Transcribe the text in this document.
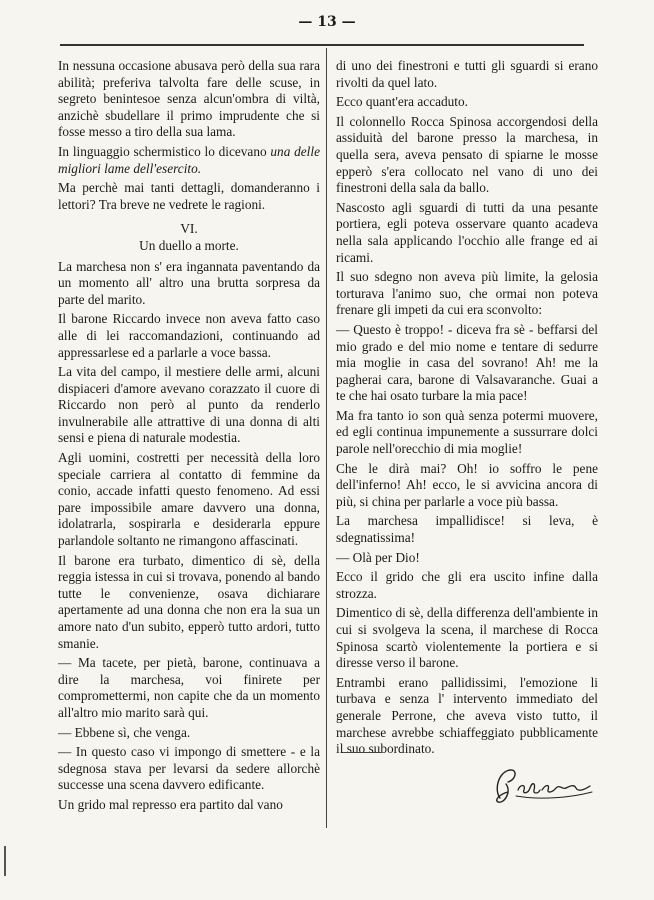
— 13 —

In nessuna occasione abusava però della sua rara abilità; preferiva talvolta fare delle scuse, in segreto benintesoe senza alcun'ombra di viltà, anzichè sbudellare il primo imprudente che si fosse messo a tiro della sua lama.

In linguaggio schermistico lo dicevano una delle migliori lame dell'esercito.

Ma perchè mai tanti dettagli, domanderanno i lettori? Tra breve ne vedrete le ragioni.

VI.
Un duello a morte.

La marchesa non s' era ingannata paventando da un momento all' altro una brutta sorpresa da parte del marito.

Il barone Riccardo invece non aveva fatto caso alle di lei raccomandazioni, continuando ad appressarlese ed a parlarle a voce bassa.

La vita del campo, il mestiere delle armi, alcuni dispiaceri d'amore avevano corazzato il cuore di Riccardo non però al punto da renderlo invulnerabile alle attrattive di una donna di alti sensi e piena di naturale modestia.

Agli uomini, costretti per necessità della loro speciale carriera al contatto di femmine da conio, accade infatti questo fenomeno. Ad essi pare impossibile amare davvero una donna, idolatrarla, sospirarla e desiderarla eppure parlandole soltanto ne rimangono affascinati.

Il barone era turbato, dimentico di sè, della reggia istessa in cui si trovava, ponendo al bando tutte le convenienze, osava dichiarare apertamente ad una donna che non era la sua un amore nato d'un subito, epperò tutto ardori, tutto smanie.

— Ma tacete, per pietà, barone, continuava a dire la marchesa, voi finirete per compromettermi, non capite che da un momento all'altro mio marito sarà qui.

— Ebbene sì, che venga.

— In questo caso vi impongo di smettere - e la sdegnosa stava per levarsi da sedere allorchè successe una scena davvero edificante.

Un grido mal represso era partito dal vano

di uno dei finestroni e tutti gli sguardi si erano rivolti da quel lato.

Ecco quant'era accaduto.

Il colonnello Rocca Spinosa accorgendosi della assiduità del barone presso la marchesa, in quella sera, aveva pensato di spiarne le mosse epperò s'era collocato nel vano di uno dei finestroni della sala da ballo.

Nascosto agli sguardi di tutti da una pesante portiera, egli poteva osservare quanto acadeva nella sala applicando l'occhio alle frange ed ai ricami.

Il suo sdegno non aveva più limite, la gelosia torturava l'animo suo, che ormai non poteva frenare gli impeti da cui era sconvolto:

— Questo è troppo! - diceva fra sè - beffarsi del mio grado e del mio nome e tentare di sedurre mia moglie in casa del sovrano! Ah! me la pagherai cara, barone di Valsavaranche. Guai a te che hai osato turbare la mia pace!

Ma fra tanto io son quà senza potermi muovere, ed egli continua impunemente a sussurrare dolci parole nell'orecchio di mia moglie!

Che le dirà mai? Oh! io soffro le pene dell'inferno! Ah! ecco, le si avvicina ancora di più, si china per parlarle a voce più bassa.

La marchesa impallidisce! si leva, è sdegnatissima!

— Olà per Dio!

Ecco il grido che gli era uscito infine dalla strozza.

Dimentico di sè, della differenza dell'ambiente in cui si svolgeva la scena, il marchese di Rocca Spinosa scartò violentemente la portiera e si diresse verso il barone.

Entrambi erano pallidissimi, l'emozione li turbava e senza l' intervento immediato del generale Perrone, che aveva visto tutto, il marchese avrebbe schiaffeggiato pubblicamente il suo subordinato.
